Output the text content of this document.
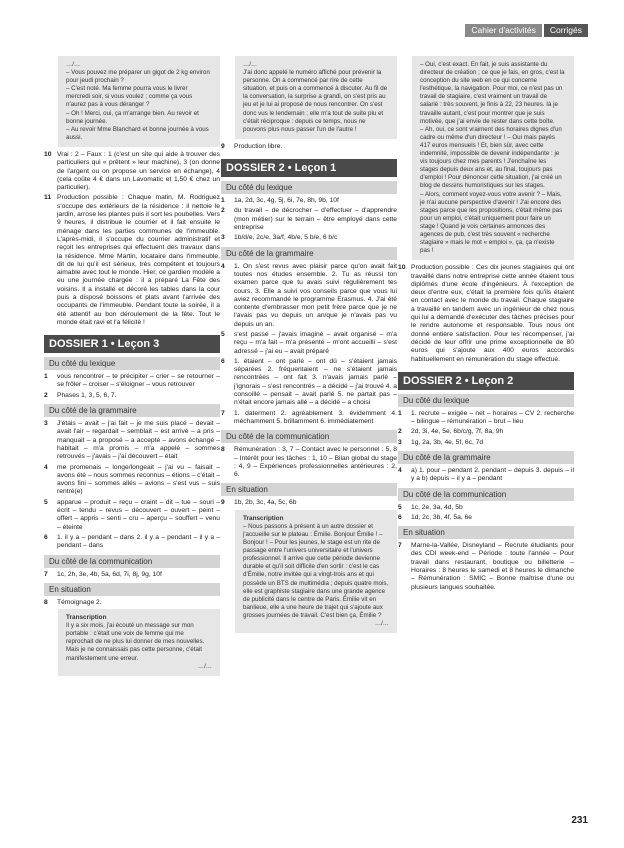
Cahier d'activités	Corrigés

…/…

– Vous pouvez me préparer un gigot de 2 kg environ pour jeudi prochain ?

– C'est noté. Ma femme pourra vous le livrer mercredi soir, si vous voulez ; comme ça vous n'aurez pas à vous déranger ?

– Oh ! Merci, oui, ça m'arrange bien. Au revoir et bonne journée.

– Au revoir Mme Blanchard et bonne journée à vous aussi.

10 Vrai : 2 – Faux : 1 (c'est un site qui aide à trouver des particuliers qui « prêtent » leur machine), 3 (on donne de l'argent ou on propose un service en échange), 4 (cela coûte 4 € dans un Lavomatic et 1,50 € chez un particulier).
11 Production possible : Chaque matin, M. Rodriguez s'occupe des extérieurs de la résidence : il nettoie le jardin, arrose les plantes puis il sort les poubelles. Vers 9 heures, il distribue le courrier et il fait ensuite le ménage dans les parties communes de l'immeuble. L'après-midi, il s'occupe du courrier administratif et reçoit les entreprises qui effectuent des travaux dans la résidence. Mme Martin, locataire dans l'immeuble, dit de lui qu'il est sérieux, très compétent et toujours aimable avec tout le monde. Hier, ce gardien modèle a eu une journée chargée : il a préparé La Fête des voisins. Il a installé et décoré les tables dans la cour puis a disposé boissons et plats avant l'arrivée des occupants de l'immeuble. Pendant toute la soirée, il a été attentif au bon déroulement de la fête. Tout le monde était ravi et l'a félicité !
DOSSIER 1 • Leçon 3
Du côté du lexique
1	vous rencontrer – te précipiter – crier – se retourner – se frôler – croiser – s'éloigner – vous retrouver
2	Phases 1, 3, 5, 6, 7.
Du côté de la grammaire
3	J'étais – avait – j'ai fait – je me suis placé – devait – avait l'air – regardait – semblait – est arrivé – a pris – manquait – a proposé – a accepté – avons échangé – habitait – m'a promis – m'a appelé – sommes retrouvés – j'avais – j'ai découvert – était
4	me promenais – longe/longeait – j'ai vu – faisait – avons été – nous sommes reconnus – étions – c'était – avons fini – sommes allés – avions – s'est vus – suis rentré(e)
5	apparue – produit – reçu – craint – dit – tue – souri – écrit – tendu – revus – découvert – ouvert – peint – offert – appris – senti – cru – aperçu – souffert – venu – éteinte
6	1. il y a – pendant – dans 2. il y a – pendant – il y a – pendant – dans
Du côté de la communication
7	1c, 2h, 3e, 4b, 5a, 6d, 7i, 8j, 9g, 10f
En situation
8	Témoignage 2.

Transcription

Il y a six mois, j'ai écouté un message sur mon portable : c'était une voix de femme qui me reprochait de ne plus lui donner de mes nouvelles. Mais je ne connaissais pas cette personne, c'était manifestement une erreur.

…/…

…/…

J'ai donc appelé le numéro affiché pour prévenir la personne. On a commencé par rire de cette situation, et puis on a commencé à discuter. Au fil de la conversation, la surprise a grandi, on s'est pris au jeu et je lui ai proposé de nous rencontrer. On s'est donc vus le lendemain ; elle m'a tout de suite plu et c'était réciproque : depuis ce temps, nous ne pouvons plus nous passer l'un de l'autre !

9	Production libre.
DOSSIER 2 • Leçon 1
Du côté du lexique
1	1a, 2d, 3c, 4g, 5j, 6i, 7e, 8h, 9b, 10f
2	du travail – de décrocher – d'effectuer – d'apprendre (mon métier) sur le terrain – être employé dans cette entreprise
3	1b/d/e, 2c/e, 3a/f, 4b/e, 5 b/e, 6 b/c
Du côté de la grammaire
4	1. On s'est revus avec plaisir parce qu'on avait fait toutes nos études ensemble. 2. Tu as réussi ton examen parce que tu avais suivi régulièrement tes cours. 3. Elle a suivi vos conseils parce que vous lui aviez recommandé le programme Erasmus. 4. J'ai été contente d'embrasser mon petit frère parce que je ne l'avais pas vu depuis un an/que je n'avais pas vu depuis un an.
5	s'est passé – j'avais imaginé – avait organisé – m'a reçu – m'a fait – m'a présenté – m'ont accueilli – s'est adressé – j'ai eu – avait préparé
6	1. étaient – ont parlé – ont dû – s'étaient jamais séparées 2. fréquentaient – ne s'étaient jamais rencontrées – ont fait 3. n'avais jamais parlé – j'ignorais – s'est rencontrés – a décidé – j'ai trouvé 4. a consoillé – pensait – avait parlé 5. ne partait pas – n'était encore jamais allé – a décidé – a choisi
7	1. daterment 2. agréablement 3. évidemment 4. méchamment 5. brillamment 6. immédiatement
Du côté de la communication
8	Rémunération : 3, 7 – Contact avec le personnel : 5, 8 – Intérêt pour les tâches : 1, 10 – Bilan global du stage : 4, 9 – Expériences professionnelles antérieures : 2, 6.
En situation
9	1b, 2b, 3c, 4a, 5c, 6b

Transcription

– Nous passons à présent à un autre dossier et j'accueille sur le plateau : Émilie. Bonjour Émilie ! – Bonjour ! – Pour les jeunes, le stage est un rite de passage entre l'univers universitaire et l'univers professionnel. Il arrive que cette période devienne durable et qu'il soit difficile d'en sortir : c'est le cas d'Émilie, notre invitée qui a vingt-trois ans et qui possède un BTS de multimédia ; depuis quatre mois, elle est graphiste stagiaire dans une grande agence de publicité dans le centre de Paris. Émilie vit en banlieue, elle a une heure de trajet qui s'ajoute aux grosses journées de travail. C'est bien ça, Émilie ?

…/…

– Oui, c'est exact. En fait, je suis assistante du directeur de création ; ce que je fais, en gros, c'est la conception du site web en ce qui concerne l'esthétique, la navigation. Pour moi, ce n'est pas un travail de stagiaire, c'est vraiment un travail de salarié : très souvent, je finis à 22, 23 heures. Ià je travaille autant, c'est pour montrer que je suis motivée, que j'ai envie de rester dans cette boîte.

– Ah, oui, ce sont vraiment des horaires dignes d'un cadre ou même d'un directeur ! – Oui mais payés 417 euros mensuels ! Et, bien sûr, avec cette indemnité, impossible de devenir indépendante : je vis toujours chez mes parents ! J'enchaîne les stages depuis deux ans et, au final, toujours pas d'emploi ! Pour dénoncer cette situation, j'ai créé un blog de dessins humoristiques sur les stages.

– Alors, comment voyez-vous votre avenir ? – Mais, je n'ai aucune perspective d'avenir ! J'ai encore des stages parce que les propositions, c'était même pas pour un emploi, c'était uniquement pour faire un stage ! Quand je vois certaines annonces des agences de pub, c'est très souvent « recherche stagiaire » mais le mot « emploi », ça, ça n'existe pas !

10 Production possible : Ces dix jeunes stagiaires qui ont travaillé dans notre entreprise cette année étaient tous diplômés d'une école d'ingénieurs. À l'exception de deux d'entre eux, c'était la première fois qu'ils étaient en contact avec le monde du travail. Chaque stagiaire a travaillé en tandem avec un ingénieur de chez nous qui lui a demandé d'exécuter des tâches précises pour le rendre autonome et responsable. Tous nous ont donné entière satisfaction. Pour les récompenser, j'ai décidé de leur offrir une prime exceptionnelle de 80 euros qui s'ajoute aux 400 euros accordés habituellement en rémunération du stage effectué.
DOSSIER 2 • Leçon 2
Du côté du lexique
1	1. recrute – exigée – net – horaires – CV 2. recherche – bilingue – rémunération – brut – lieu
2	2d, 3i, 4e, 5e, 6b/c/g, 7f, 8a, 9h
3	1g, 2a, 3b, 4e, 5f, 6c, 7d
Du côté de la grammaire
4	a) 1. pour – pendant 2. pendant – depuis 3. depuis – il y a b) depuis – il y a – pendant
Du côté de la communication
5	1c, 2e, 3a, 4d, 5b
6	1d, 2c, 3b, 4f, 5a, 6e
En situation
7	Marne-la-Vallée, Disneyland – Recrute étudiants pour des CDI week-end – Période : toute l'année – Pour travail dans restaurant, boutique ou billetterie – Horaires : 8 heures le samedi et 8 heures le dimanche – Rémunération : SMIC – Bonne maîtrise d'une ou plusieurs langues souhaitée.
231
